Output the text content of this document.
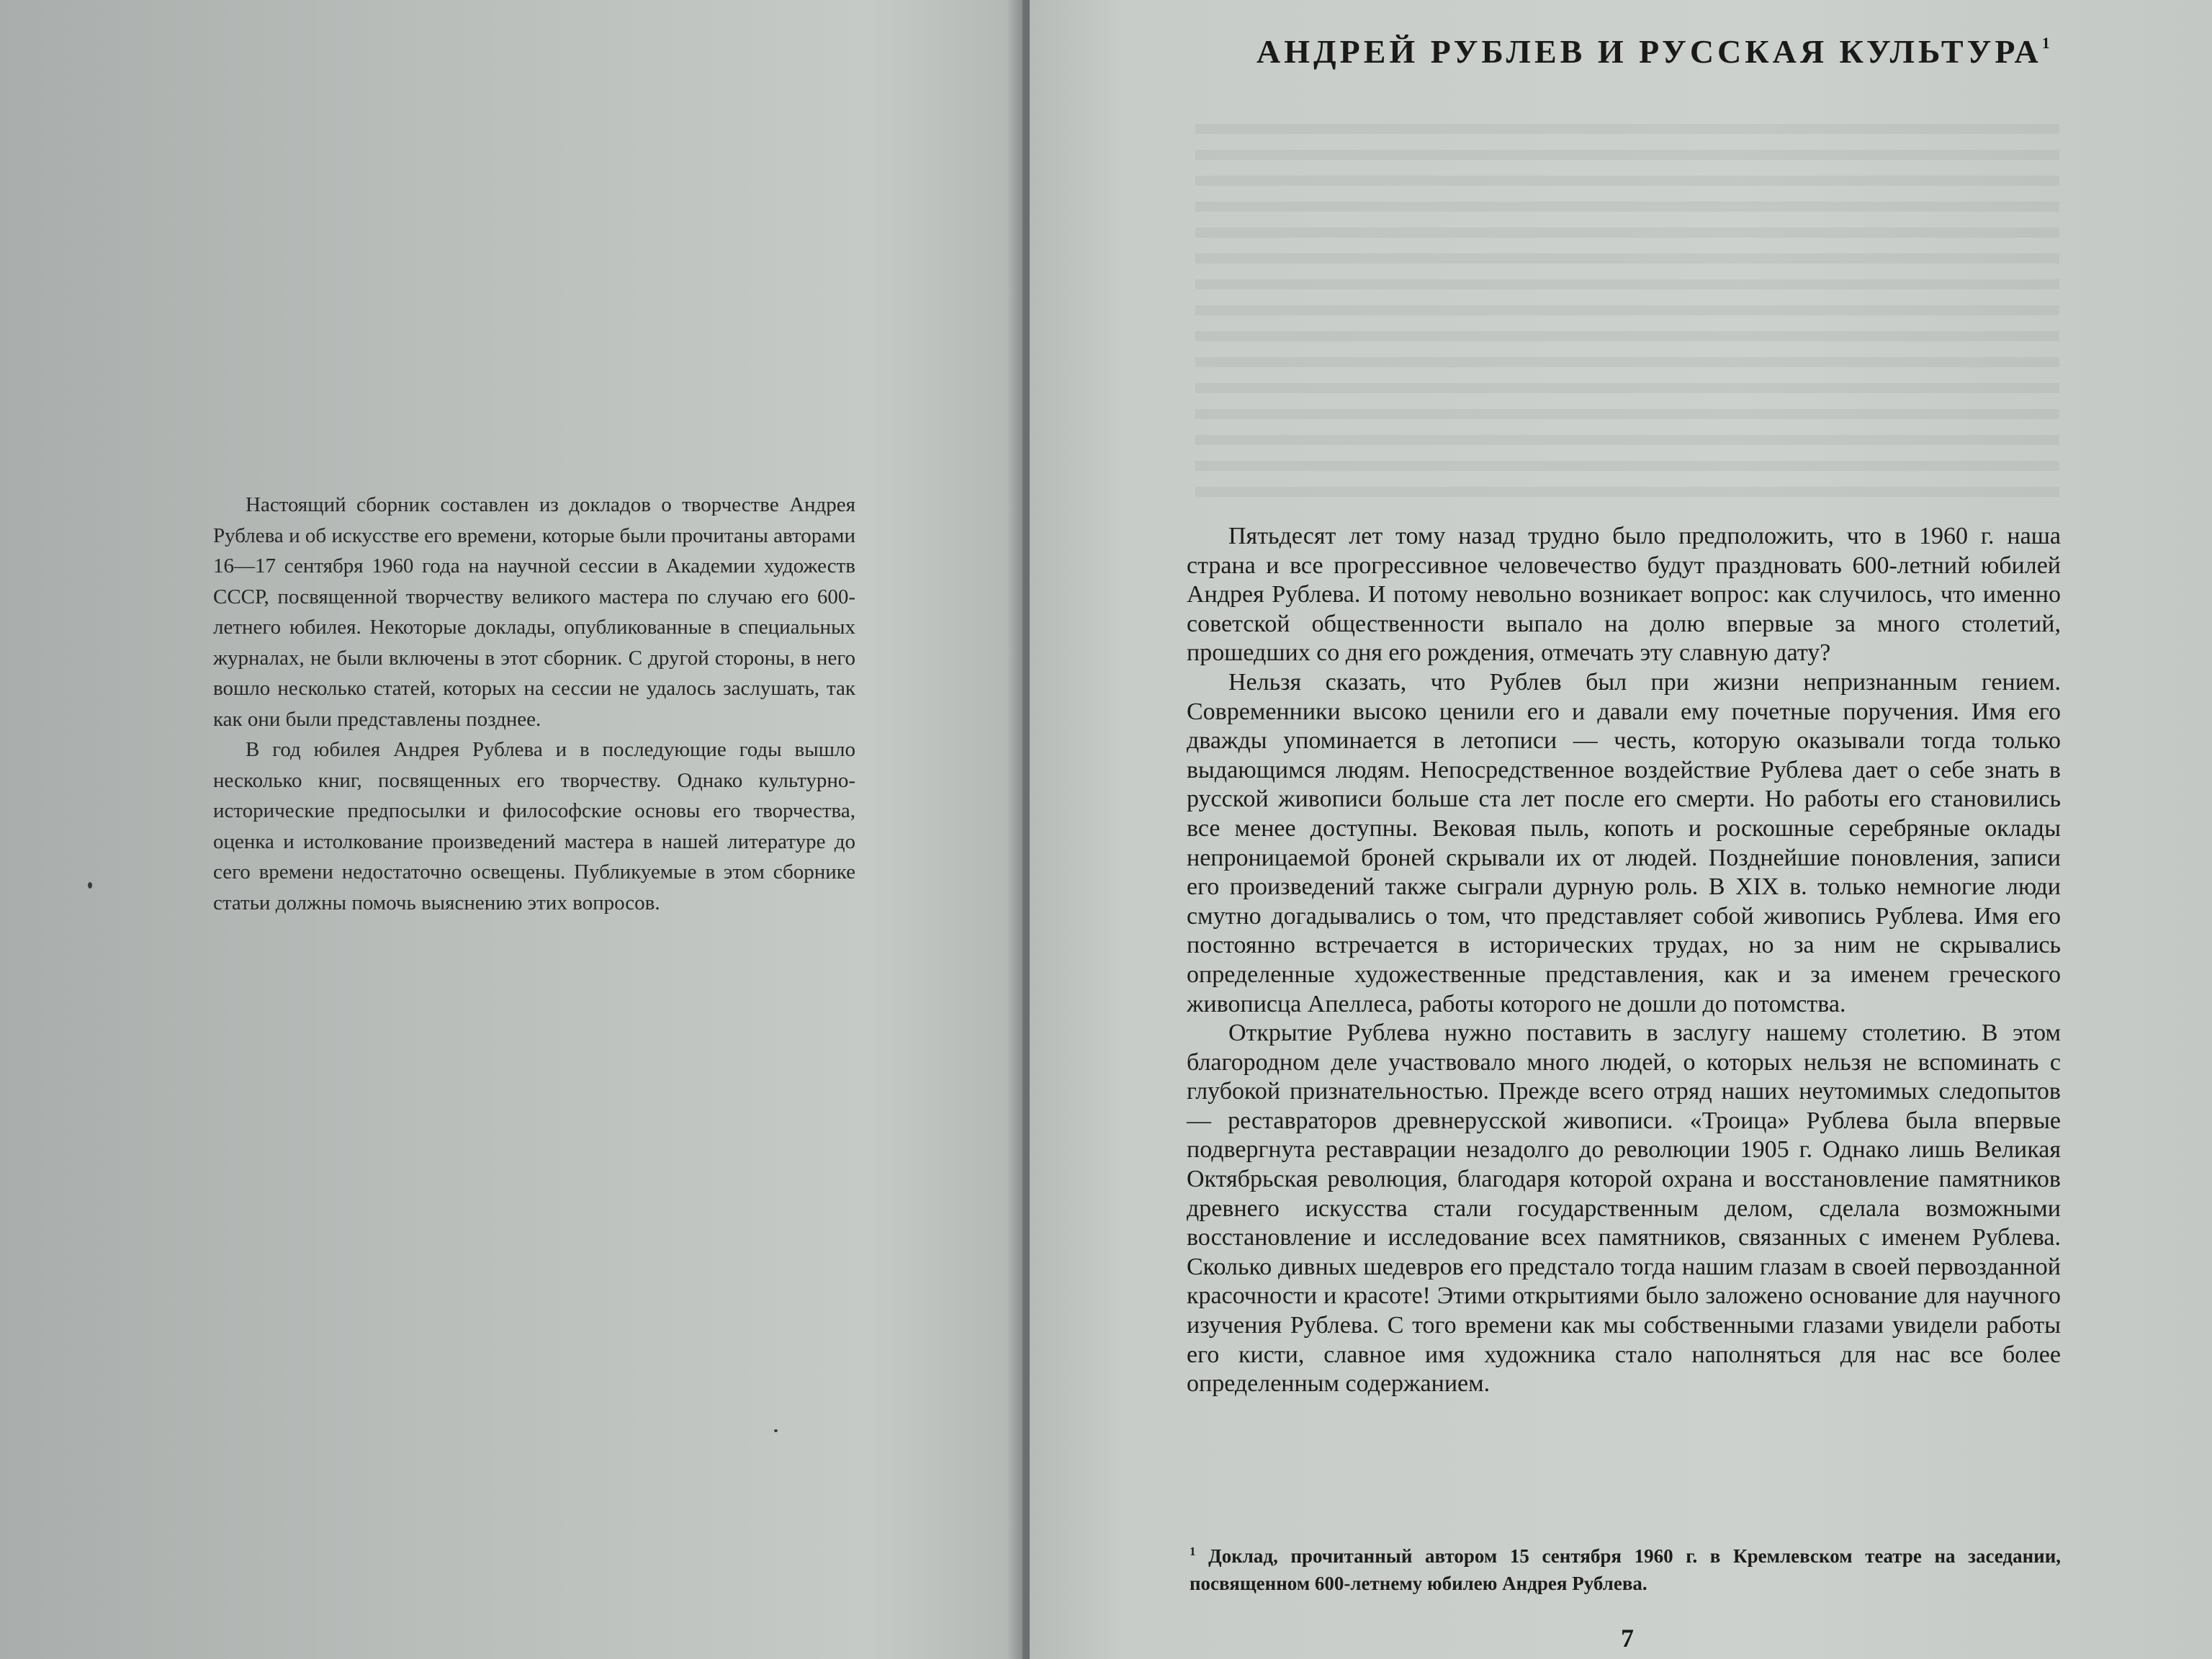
Настоящий сборник составлен из докладов о творчестве Андрея Рублева и об искусстве его времени, которые были прочитаны авторами 16—17 сентября 1960 года на научной сессии в Академии художеств СССР, посвященной творчеству великого мастера по случаю его 600-летнего юбилея. Некоторые доклады, опубликованные в специальных журналах, не были включены в этот сборник. С другой стороны, в него вошло несколько статей, которых на сессии не удалось заслушать, так как они были представлены позднее.

В год юбилея Андрея Рублева и в последующие годы вышло несколько книг, посвященных его творчеству. Однако культурно-исторические предпосылки и философские основы его творчества, оценка и истолкование произведений мастера в нашей литературе до сего времени недостаточно освещены. Публикуемые в этом сборнике статьи должны помочь выяснению этих вопросов.

АНДРЕЙ РУБЛЕВ И РУССКАЯ КУЛЬТУРА$^1$

Пятьдесят лет тому назад трудно было предположить, что в 1960 г. наша страна и все прогрессивное человечество будут праздновать 600-летний юбилей Андрея Рублева. И потому невольно возникает вопрос: как случилось, что именно советской общественности выпало на долю впервые за много столетий, прошедших со дня его рождения, отмечать эту славную дату?

Нельзя сказать, что Рублев был при жизни непризнанным гением. Современники высоко ценили его и давали ему почетные поручения. Имя его дважды упоминается в летописи — честь, которую оказывали тогда только выдающимся людям. Непосредственное воздействие Рублева дает о себе знать в русской живописи больше ста лет после его смерти. Но работы его становились все менее доступны. Вековая пыль, копоть и роскошные серебряные оклады непроницаемой броней скрывали их от людей. Позднейшие поновления, записи его произведений также сыграли дурную роль. В XIX в. только немногие люди смутно догадывались о том, что представляет собой живопись Рублева. Имя его постоянно встречается в исторических трудах, но за ним не скрывались определенные художественные представления, как и за именем греческого живописца Апеллеса, работы которого не дошли до потомства.

Открытие Рублева нужно поставить в заслугу нашему столетию. В этом благородном деле участвовало много людей, о которых нельзя не вспоминать с глубокой признательностью. Прежде всего отряд наших неутомимых следопытов — реставраторов древнерусской живописи. «Троица» Рублева была впервые подвергнута реставрации незадолго до революции 1905 г. Однако лишь Великая Октябрьская революция, благодаря которой охрана и восстановление памятников древнего искусства стали государственным делом, сделала возможными восстановление и исследование всех памятников, связанных с именем Рублева. Сколько дивных шедевров его предстало тогда нашим глазам в своей первозданной красочности и красоте! Этими открытиями было заложено основание для научного изучения Рублева. С того времени как мы собственными глазами увидели работы его кисти, славное имя художника стало наполняться для нас все более определенным содержанием.

$^1$ Доклад, прочитанный автором 15 сентября 1960 г. в Кремлевском театре на заседании, посвященном 600-летнему юбилею Андрея Рублева.
7
